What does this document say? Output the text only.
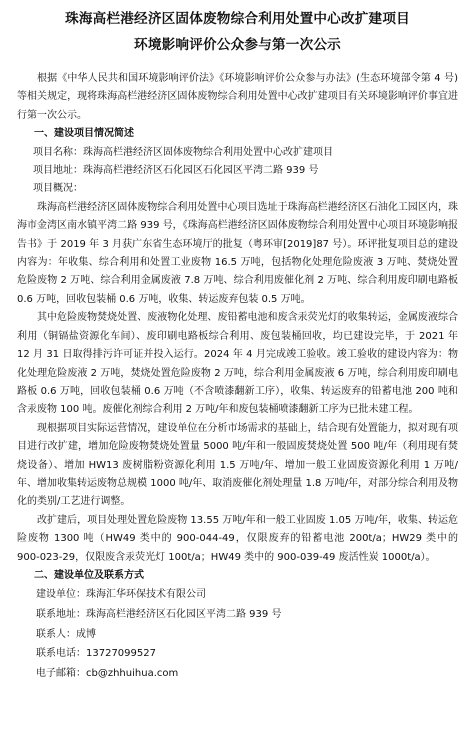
珠海高栏港经济区固体废物综合利用处置中心改扩建项目

环境影响评价公众参与第一次公示

根据《中华人民共和国环境影响评价法》《环境影响评价公众参与办法》(生态环境部令第 4 号)等相关规定，现将珠海高栏港经济区固体废物综合利用处置中心改扩建项目有关环境影响评价事宜进行第一次公示。

一、建设项目情况简述

项目名称：珠海高栏港经济区固体废物综合利用处置中心改扩建项目

项目地址：珠海高栏港经济区石化园区石化园区平湾二路 939 号

项目概况：

珠海高栏港经济区固体废物综合利用处置中心项目选址于珠海高栏港经济区石油化工园区内，珠海市金湾区南水镇平湾二路 939 号，《珠海高栏港经济区固体废物综合利用处置中心项目环境影响报告书》于 2019 年 3 月获广东省生态环境厅的批复（粤环审[2019]87 号）。环评批复项目总的建设内容为：年收集、综合利用和处置工业废物 16.5 万吨，包括物化处理危险废液 3 万吨、焚烧处置危险废物 2 万吨、综合利用金属废液 7.8 万吨、综合利用废催化剂 2 万吨、综合利用废印刷电路板 0.6 万吨，回收包装桶 0.6 万吨，收集、转运废弃包装 0.5 万吨。

其中危险废物焚烧处置、废液物化处理、废铅蓄电池和废含汞荧光灯的收集转运，金属废液综合利用（铜镉盐资源化车间）、废印刷电路板综合利用、废包装桶回收，均已建设完毕，于 2021 年 12 月 31 日取得排污许可证并投入运行。2024 年 4 月完成竣工验收。竣工验收的建设内容为：物化处理危险废液 2 万吨，焚烧处置危险废物 2 万吨，综合利用金属废液 6 万吨，综合利用废印刷电路板 0.6 万吨，回收包装桶 0.6 万吨（不含喷漆翻新工序），收集、转运废弃的铅蓄电池 200 吨和含汞废物 100 吨。废催化剂综合利用 2 万吨/年和废包装桶喷漆翻新工序为已批未建工程。

现根据项目实际运营情况，建设单位在分析市场需求的基础上，结合现有处置能力，拟对现有项目进行改扩建，增加危险废物焚烧处置量 5000 吨/年和一般固废焚烧处置 500 吨/年（利用现有焚烧设备）、增加 HW13 废树脂粉资源化利用 1.5 万吨/年、增加一般工业固废资源化利用 1 万吨/年、增加收集转运废物总规模 1000 吨/年、取消废催化剂处理量 1.8 万吨/年，对部分综合利用及物化的类别/工艺进行调整。

改扩建后，项目处理处置危险废物 13.55 万吨/年和一般工业固废 1.05 万吨/年，收集、转运危险废物 1300 吨（HW49 类中的 900-044-49，仅限废弃的铅蓄电池 200t/a；HW29 类中的 900-023-29，仅限废含汞荧光灯 100t/a；HW49 类中的 900-039-49 废活性炭 1000t/a）。

二、建设单位及联系方式

建设单位：珠海汇华环保技术有限公司

联系地址：珠海高栏港经济区石化园区平湾二路 939 号

联系人：成博

联系电话：13727099527

电子邮箱：cb@zhhuihua.com
